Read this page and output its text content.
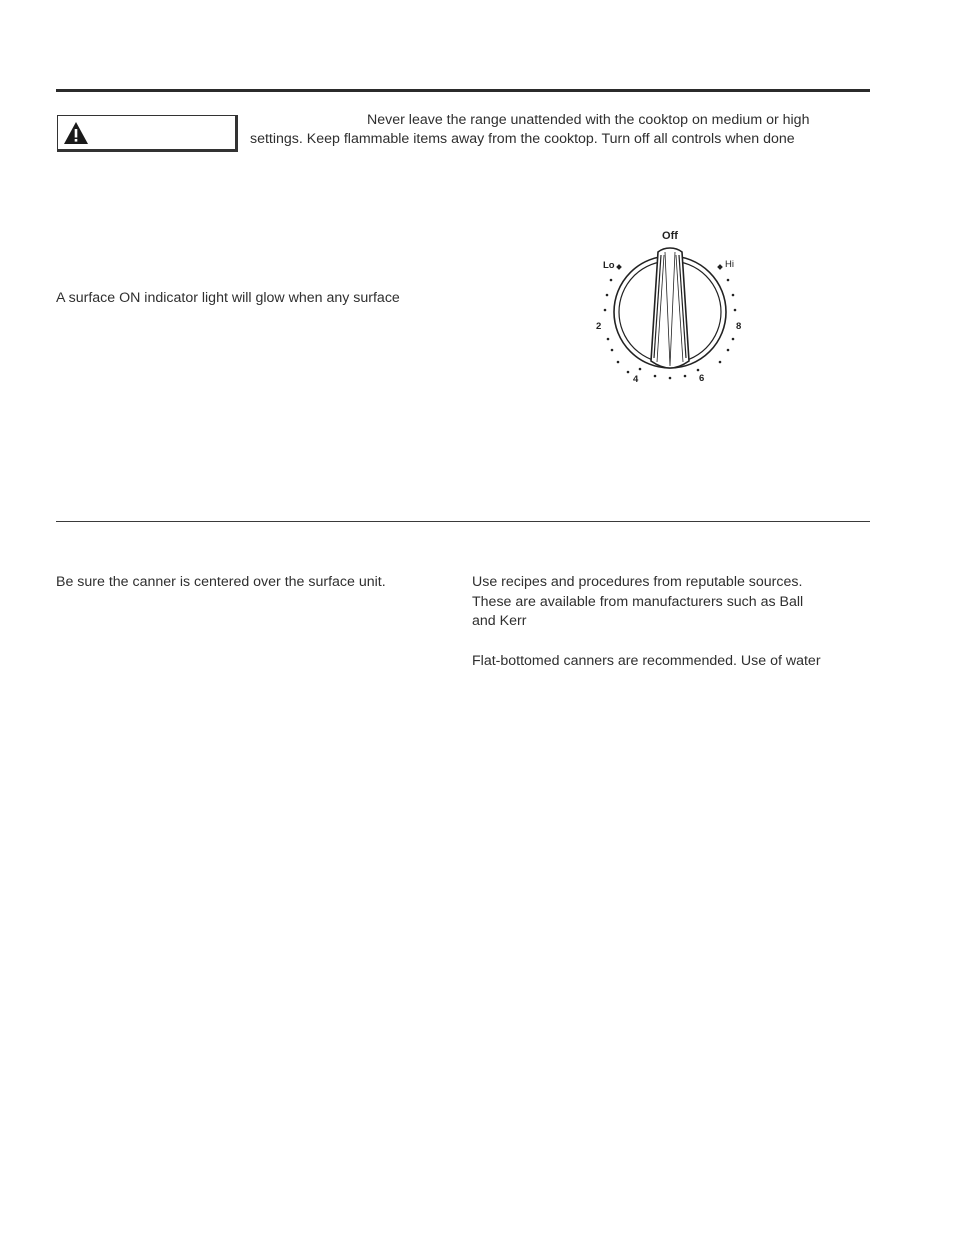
Never leave the range unattended with the cooktop on medium or high
settings. Keep flammable items away from the cooktop. Turn off all controls when done
A surface ON indicator light will glow when any surface
Off
Lo	Hi
2
4	6
8
Be sure the canner is centered over the surface unit.	Use recipes and procedures from reputable sources.
These are available from manufacturers such as Ball
and Kerr
Flat-bottomed canners are recommended. Use of water
